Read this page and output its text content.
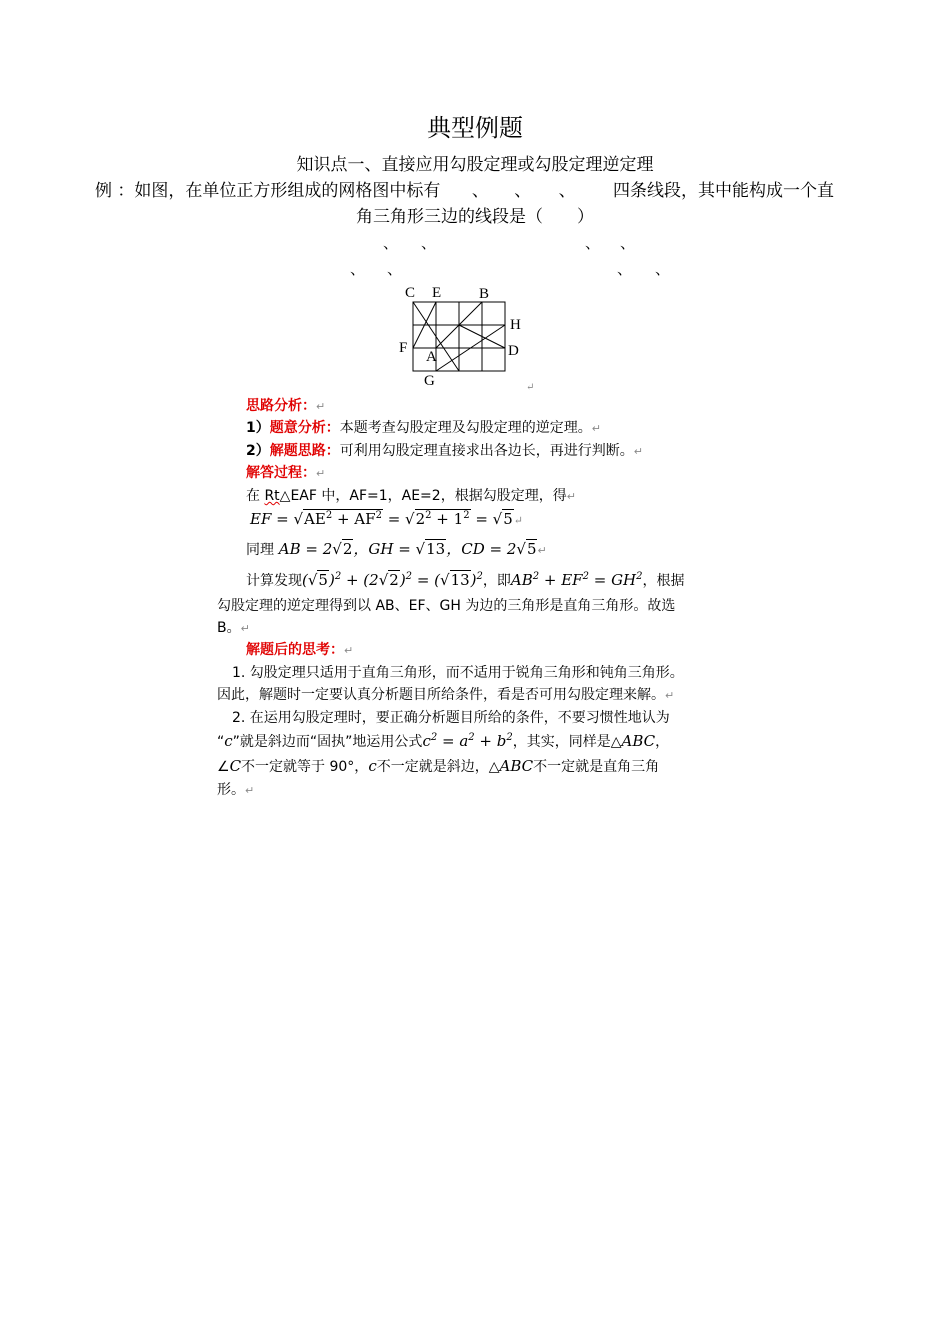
典型例题
知识点一、直接应用勾股定理或勾股定理逆定理
例 ：如图，在单位正方形组成的网格图中标有 、 、 、 四条线段，其中能构成一个直
角三角形三边的线段是（　　）
、 、	、 、
、 、	、 、
C E	B
H
F	D
A
G	↵
思路分析：↵
1）题意分析：本题考查勾股定理及勾股定理的逆定理。↵
2）解题思路：可利用勾股定理直接求出各边长，再进行判断。↵
解答过程：↵
在 Rt△EAF 中，AF=1，AE=2，根据勾股定理，得↵
EF = $√AE^2 + AF^2 = √2^2 + 1^2$ = √5↵
同理 AB = 2√2，GH = √13，CD = 2√5↵
计算发现$(√5)^2 + (2√2)^2 = (√13)^2$，即$AB^2 + EF^2 = GH^2$，根据
勾股定理的逆定理得到以 AB、EF、GH 为边的三角形是直角三角形。故选
B。↵
解题后的思考：↵
1. 勾股定理只适用于直角三角形，而不适用于锐角三角形和钝角三角形。
因此，解题时一定要认真分析题目所给条件，看是否可用勾股定理来解。↵
2. 在运用勾股定理时，要正确分析题目所给的条件，不要习惯性地认为
“c”就是斜边而“固执”地运用公式$c^2 = a^2 + b^2$，其实，同样是△ABC，
∠C不一定就等于 90°，c不一定就是斜边，△ABC不一定就是直角三角
形。↵
